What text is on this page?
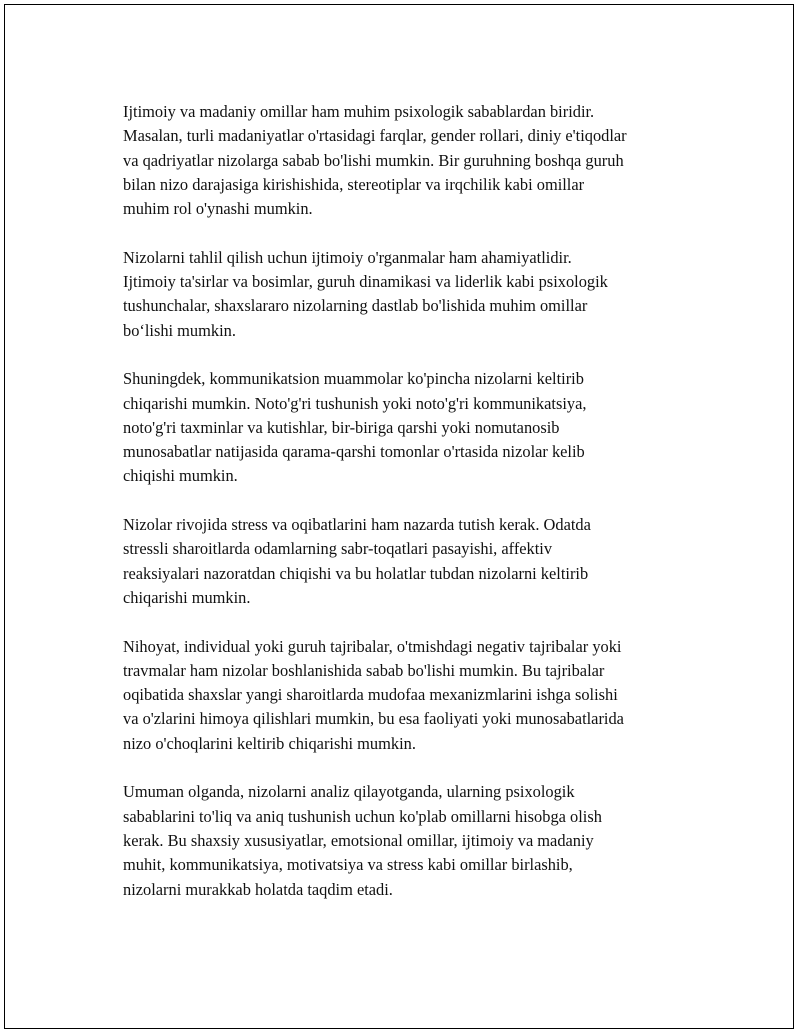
Ijtimoiy va madaniy omillar ham muhim psixologik sabablardan biridir.
Masalan, turli madaniyatlar o'rtasidagi farqlar, gender rollari, diniy e'tiqodlar
va qadriyatlar nizolarga sabab bo'lishi mumkin. Bir guruhning boshqa guruh
bilan nizo darajasiga kirishishida, stereotiplar va irqchilik kabi omillar
muhim rol o'ynashi mumkin.

Nizolarni tahlil qilish uchun ijtimoiy o'rganmalar ham ahamiyatlidir.
Ijtimoiy ta'sirlar va bosimlar, guruh dinamikasi va liderlik kabi psixologik
tushunchalar, shaxslararo nizolarning dastlab bo'lishida muhim omillar
bo‘lishi mumkin.

Shuningdek, kommunikatsion muammolar ko'pincha nizolarni keltirib
chiqarishi mumkin. Noto'g'ri tushunish yoki noto'g'ri kommunikatsiya,
noto'g'ri taxminlar va kutishlar, bir-biriga qarshi yoki nomutanosib
munosabatlar natijasida qarama-qarshi tomonlar o'rtasida nizolar kelib
chiqishi mumkin.

Nizolar rivojida stress va oqibatlarini ham nazarda tutish kerak. Odatda
stressli sharoitlarda odamlarning sabr-toqatlari pasayishi, affektiv
reaksiyalari nazoratdan chiqishi va bu holatlar tubdan nizolarni keltirib
chiqarishi mumkin.

Nihoyat, individual yoki guruh tajribalar, o'tmishdagi negativ tajribalar yoki
travmalar ham nizolar boshlanishida sabab bo'lishi mumkin. Bu tajribalar
oqibatida shaxslar yangi sharoitlarda mudofaa mexanizmlarini ishga solishi
va o'zlarini himoya qilishlari mumkin, bu esa faoliyati yoki munosabatlarida
nizo o'choqlarini keltirib chiqarishi mumkin.

Umuman olganda, nizolarni analiz qilayotganda, ularning psixologik
sabablarini to'liq va aniq tushunish uchun ko'plab omillarni hisobga olish
kerak. Bu shaxsiy xususiyatlar, emotsional omillar, ijtimoiy va madaniy
muhit, kommunikatsiya, motivatsiya va stress kabi omillar birlashib,
nizolarni murakkab holatda taqdim etadi.
